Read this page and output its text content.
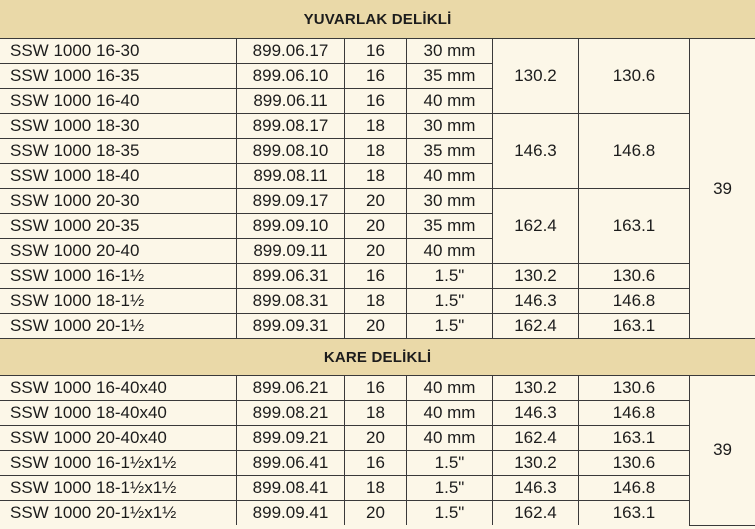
YUVARLAK DELİKLİ						
SSW 1000 16-30	899.06.17	16	30 mm	130.2	130.6	39
SSW 1000 16-35	899.06.10	16	35 mm			
SSW 1000 16-40	899.06.11	16	40 mm			
SSW 1000 18-30	899.08.17	18	30 mm	146.3	146.8	
SSW 1000 18-35	899.08.10	18	35 mm			
SSW 1000 18-40	899.08.11	18	40 mm			
SSW 1000 20-30	899.09.17	20	30 mm	162.4	163.1	
SSW 1000 20-35	899.09.10	20	35 mm			
SSW 1000 20-40	899.09.11	20	40 mm			
SSW 1000 16-1½	899.06.31	16	1.5"	130.2	130.6	
SSW 1000 18-1½	899.08.31	18	1.5"	146.3	146.8	
SSW 1000 20-1½	899.09.31	20	1.5"	162.4	163.1	
KARE DELİKLİ						
SSW 1000 16-40x40	899.06.21	16	40 mm	130.2	130.6	39
SSW 1000 18-40x40	899.08.21	18	40 mm	146.3	146.8	
SSW 1000 20-40x40	899.09.21	20	40 mm	162.4	163.1	
SSW 1000 16-1½x1½	899.06.41	16	1.5"	130.2	130.6	
SSW 1000 18-1½x1½	899.08.41	18	1.5"	146.3	146.8	
SSW 1000 20-1½x1½	899.09.41	20	1.5"	162.4	163.1	
